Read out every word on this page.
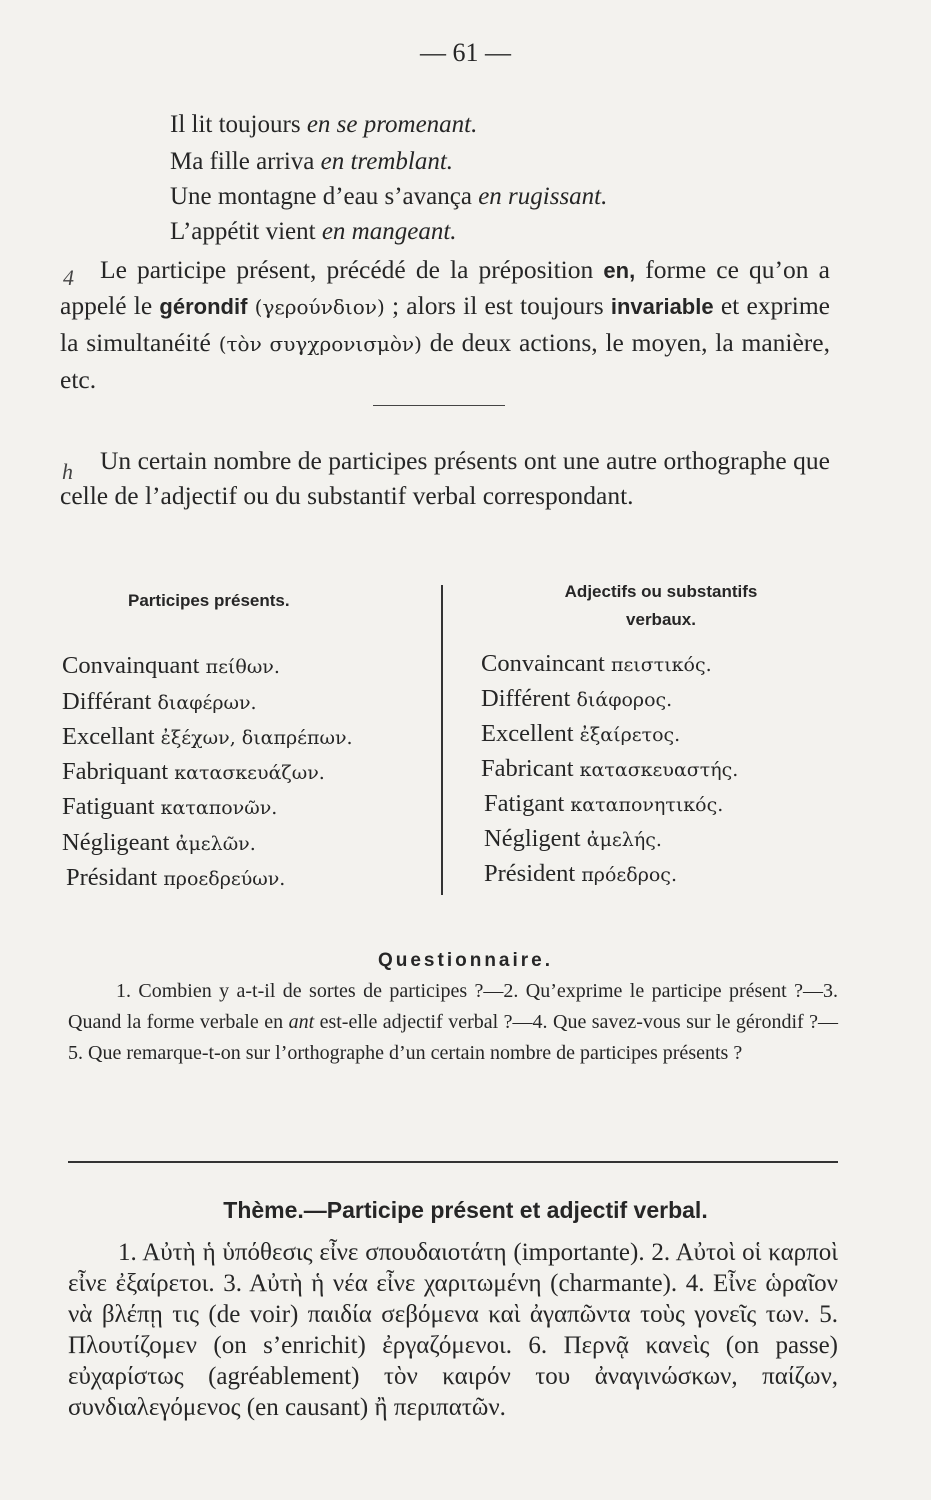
— 61 —
Il lit toujours en se promenant.
Ma fille arriva en tremblant.
Une montagne d’eau s’avança en rugissant.
L’appétit vient en mangeant.
4
h

Le participe présent, précédé de la préposition en, forme ce qu’on a appelé le gérondif (γερούνδιον) ; alors il est toujours invariable et exprime la simultanéité (τὸν συγχρονισμὸν) de deux actions, le moyen, la manière, etc.

Un certain nombre de participes présents ont une autre orthographe que celle de l’adjectif ou du substantif verbal correspondant.

Participes présents.	Adjectifs ou substantifs
verbaux.
Convainquant πείθων.
Différant διαφέρων.
Excellant ἐξέχων, διαπρέπων.
Fabriquant κατασκευάζων.
Fatiguant καταπονῶν.
Négligeant ἀμελῶν.
Présidant προεδρεύων.
Convaincant πειστικός.
Différent διάφορος.
Excellent ἐξαίρετος.
Fabricant κατασκευαστής.
Fatigant καταπονητικός.
Négligent ἀμελής.
Président πρόεδρος.
Questionnaire.

1. Combien y a-t-il de sortes de participes ?—2. Qu’exprime le participe présent ?—3. Quand la forme verbale en ant est-elle adjectif verbal ?—4. Que savez-vous sur le gérondif ?—5. Que remarque-t-on sur l’orthographe d’un certain nombre de participes présents ?

Thème.—Participe présent et adjectif verbal.

1. Αὐτὴ ἡ ὑπόθεσις εἶνε σπουδαιοτάτη (importante). 2. Αὐτοὶ οἱ καρποὶ εἶνε ἐξαίρετοι. 3. Αὐτὴ ἡ νέα εἶνε χαριτωμένη (charmante). 4. Εἶνε ὡραῖον νὰ βλέπῃ τις (de voir) παιδία σεβόμενα καὶ ἀγαπῶντα τοὺς γονεῖς των. 5. Πλουτίζομεν (on s’enrichit) ἐργαζόμενοι. 6. Περνᾷ κανεὶς (on passe) εὐχαρίστως (agréablement) τὸν καιρόν του ἀναγινώσκων, παίζων, συνδιαλεγόμενος (en causant) ἢ περιπατῶν.
